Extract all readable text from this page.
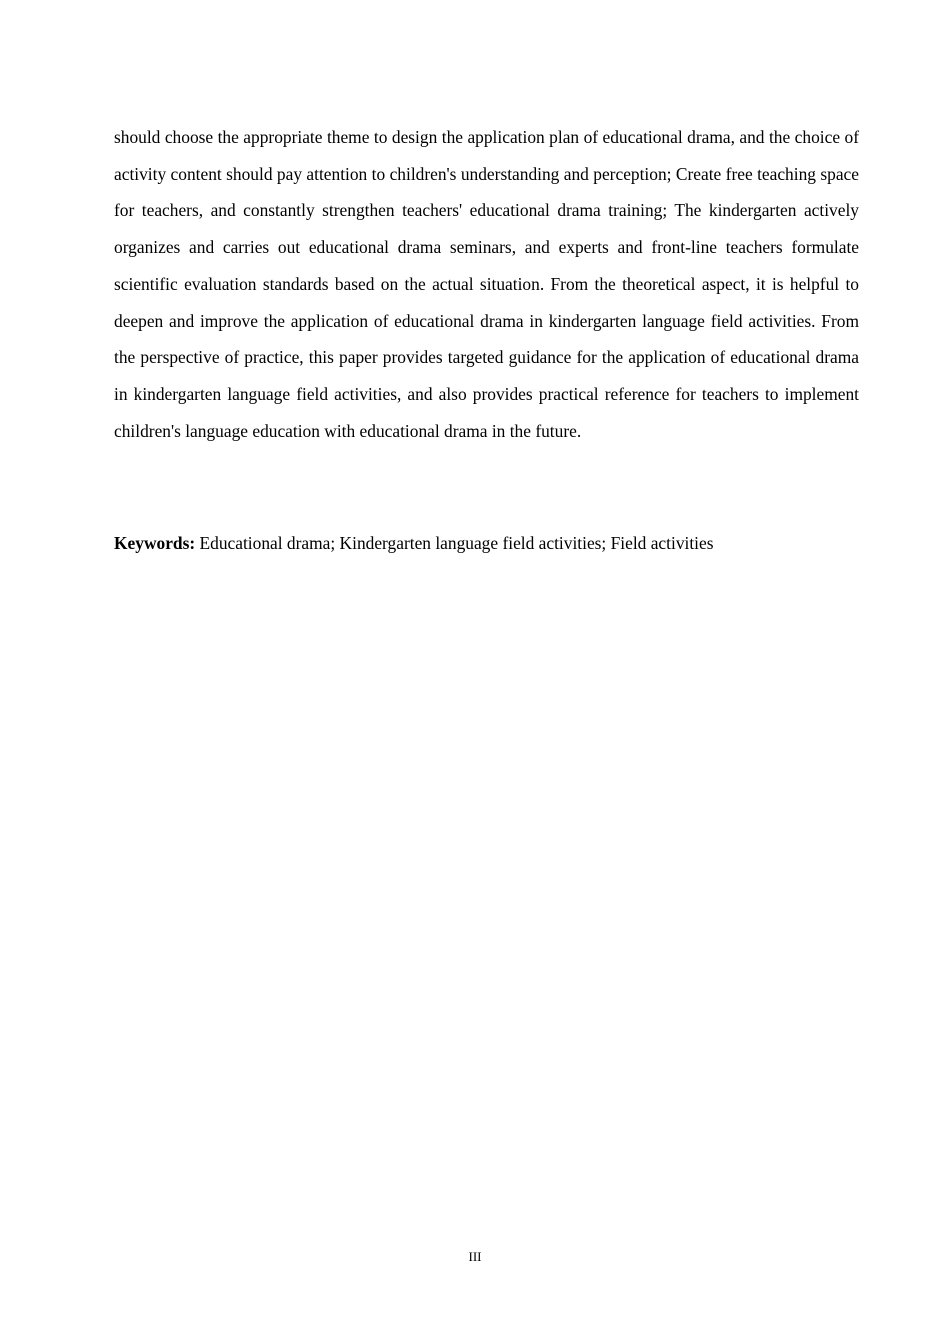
should choose the appropriate theme to design the application plan of educational drama, and the choice of activity content should pay attention to children's understanding and perception; Create free teaching space for teachers, and constantly strengthen teachers' educational drama training; The kindergarten actively organizes and carries out educational drama seminars, and experts and front-line teachers formulate scientific evaluation standards based on the actual situation. From the theoretical aspect, it is helpful to deepen and improve the application of educational drama in kindergarten language field activities. From the perspective of practice, this paper provides targeted guidance for the application of educational drama in kindergarten language field activities, and also provides practical reference for teachers to implement children's language education with educational drama in the future.

Keywords: Educational drama; Kindergarten language field activities; Field activities

III
